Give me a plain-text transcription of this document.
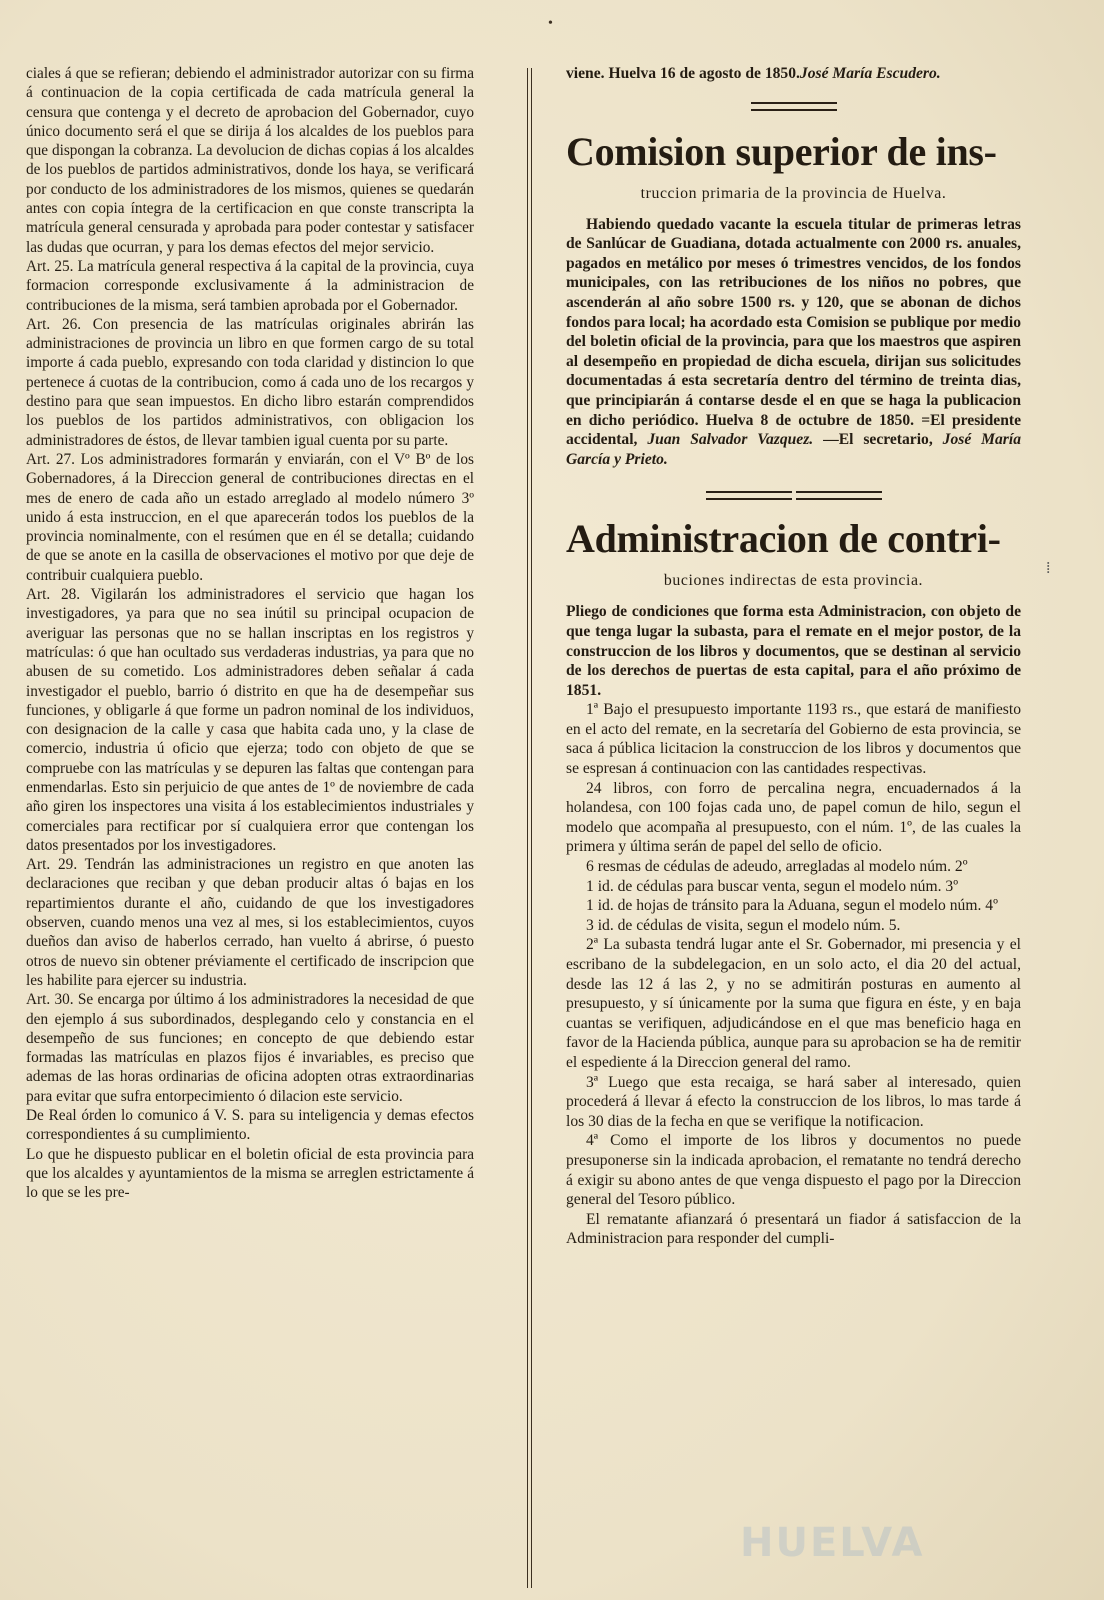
•

ciales á que se refieran; debiendo el administrador autorizar con su firma á continuacion de la copia certificada de cada matrícula general la censura que contenga y el decreto de aprobacion del Gobernador, cuyo único documento será el que se dirija á los alcaldes de los pueblos para que dispongan la cobranza. La devolucion de dichas copias á los alcaldes de los pueblos de partidos administrativos, donde los haya, se verificará por conducto de los administradores de los mismos, quienes se quedarán antes con copia íntegra de la certificacion en que conste transcripta la matrícula general censurada y aprobada para poder contestar y satisfacer las dudas que ocurran, y para los demas efectos del mejor servicio.

Art. 25. La matrícula general respectiva á la capital de la provincia, cuya formacion corresponde exclusivamente á la administracion de contribuciones de la misma, será tambien aprobada por el Gobernador.

Art. 26. Con presencia de las matrículas originales abrirán las administraciones de provincia un libro en que formen cargo de su total importe á cada pueblo, expresando con toda claridad y distincion lo que pertenece á cuotas de la contribucion, como á cada uno de los recargos y destino para que sean impuestos. En dicho libro estarán comprendidos los pueblos de los partidos administrativos, con obligacion los administradores de éstos, de llevar tambien igual cuenta por su parte.

Art. 27. Los administradores formarán y enviarán, con el Vº Bº de los Gobernadores, á la Direccion general de contribuciones directas en el mes de enero de cada año un estado arreglado al modelo número 3º unido á esta instruccion, en el que aparecerán todos los pueblos de la provincia nominalmente, con el resúmen que en él se detalla; cuidando de que se anote en la casilla de observaciones el motivo por que deje de contribuir cualquiera pueblo.

Art. 28. Vigilarán los administradores el servicio que hagan los investigadores, ya para que no sea inútil su principal ocupacion de averiguar las personas que no se hallan inscriptas en los registros y matrículas: ó que han ocultado sus verdaderas industrias, ya para que no abusen de su cometido. Los administradores deben señalar á cada investigador el pueblo, barrio ó distrito en que ha de desempeñar sus funciones, y obligarle á que forme un padron nominal de los individuos, con designacion de la calle y casa que habita cada uno, y la clase de comercio, industria ú oficio que ejerza; todo con objeto de que se compruebe con las matrículas y se depuren las faltas que contengan para enmendarlas. Esto sin perjuicio de que antes de 1º de noviembre de cada año giren los inspectores una visita á los establecimientos industriales y comerciales para rectificar por sí cualquiera error que contengan los datos presentados por los investigadores.

Art. 29. Tendrán las administraciones un registro en que anoten las declaraciones que reciban y que deban producir altas ó bajas en los repartimientos durante el año, cuidando de que los investigadores observen, cuando menos una vez al mes, si los establecimientos, cuyos dueños dan aviso de haberlos cerrado, han vuelto á abrirse, ó puesto otros de nuevo sin obtener préviamente el certificado de inscripcion que les habilite para ejercer su industria.

Art. 30. Se encarga por último á los administradores la necesidad de que den ejemplo á sus subordinados, desplegando celo y constancia en el desempeño de sus funciones; en concepto de que debiendo estar formadas las matrículas en plazos fijos é invariables, es preciso que ademas de las horas ordinarias de oficina adopten otras extraordinarias para evitar que sufra entorpecimiento ó dilacion este servicio.

De Real órden lo comunico á V. S. para su inteligencia y demas efectos correspondientes á su cumplimiento.

Lo que he dispuesto publicar en el boletin oficial de esta provincia para que los alcaldes y ayuntamientos de la misma se arreglen estrictamente á lo que se les pre-

viene. Huelva 16 de agosto de 1850.José María Escudero.

Comision superior de ins-
truccion primaria de la provincia de Huelva.

Habiendo quedado vacante la escuela titular de primeras letras de Sanlúcar de Guadiana, dotada actualmente con 2000 rs. anuales, pagados en metálico por meses ó trimestres vencidos, de los fondos municipales, con las retribuciones de los niños no pobres, que ascenderán al año sobre 1500 rs. y 120, que se abonan de dichos fondos para local; ha acordado esta Comision se publique por medio del boletin oficial de la provincia, para que los maestros que aspiren al desempeño en propiedad de dicha escuela, dirijan sus solicitudes documentadas á esta secretaría dentro del término de treinta dias, que principiarán á contarse desde el en que se haga la publicacion en dicho periódico. Huelva 8 de octubre de 1850. =El presidente accidental, Juan Salvador Vazquez. —El secretario, José María García y Prieto.

Administracion de contri-
buciones indirectas de esta provincia.

Pliego de condiciones que forma esta Administracion, con objeto de que tenga lugar la subasta, para el remate en el mejor postor, de la construccion de los libros y documentos, que se destinan al servicio de los derechos de puertas de esta capital, para el año próximo de 1851.

1ª Bajo el presupuesto importante 1193 rs., que estará de manifiesto en el acto del remate, en la secretaría del Gobierno de esta provincia, se saca á pública licitacion la construccion de los libros y documentos que se espresan á continuacion con las cantidades respectivas.

24 libros, con forro de percalina negra, encuadernados á la holandesa, con 100 fojas cada uno, de papel comun de hilo, segun el modelo que acompaña al presupuesto, con el núm. 1º, de las cuales la primera y última serán de papel del sello de oficio.

6 resmas de cédulas de adeudo, arregladas al modelo núm. 2º

1 id. de cédulas para buscar venta, segun el modelo núm. 3º

1 id. de hojas de tránsito para la Aduana, segun el modelo núm. 4º

3 id. de cédulas de visita, segun el modelo núm. 5.

2ª La subasta tendrá lugar ante el Sr. Gobernador, mi presencia y el escribano de la subdelegacion, en un solo acto, el dia 20 del actual, desde las 12 á las 2, y no se admitirán posturas en aumento al presupuesto, y sí únicamente por la suma que figura en éste, y en baja cuantas se verifiquen, adjudicándose en el que mas beneficio haga en favor de la Hacienda pública, aunque para su aprobacion se ha de remitir el espediente á la Direccion general del ramo.

3ª Luego que esta recaiga, se hará saber al interesado, quien procederá á llevar á efecto la construccion de los libros, lo mas tarde á los 30 dias de la fecha en que se verifique la notificacion.

4ª Como el importe de los libros y documentos no puede presuponerse sin la indicada aprobacion, el rematante no tendrá derecho á exigir su abono antes de que venga dispuesto el pago por la Direccion general del Tesoro público.

El rematante afianzará ó presentará un fiador á satisfaccion de la Administracion para responder del cumpli-

⁞
HUELVA
